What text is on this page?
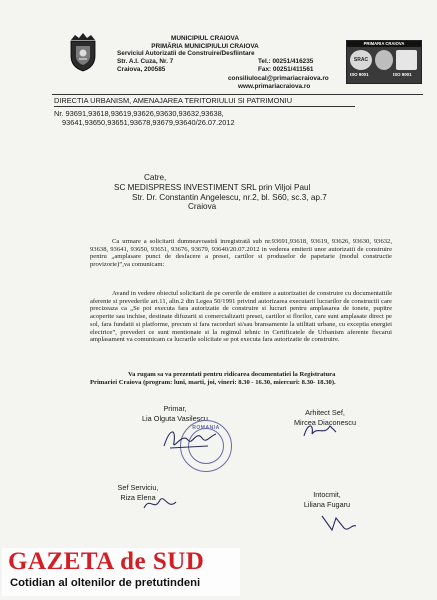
MUNICIPIUL CRAIOVA
PRIMĂRIA MUNICIPIULUI CRAIOVA
Serviciul Autorizatii de Construire/Desfiintare
Str. A.I. Cuza, Nr. 7
Craiova, 200585
Tel.: 00251/416235
Fax: 00251/411561
consiliulocal@primariacraiova.ro
www.primariacraiova.ro
PRIMARIA CRAIOVA
SRAC
ISO 9001	ISO 9001
DIRECTIA URBANISM, AMENAJAREA TERITORIULUI SI PATRIMONIU
Nr. 93691,93618,93619,93626,93630,93632,93638,
93641,93650,93651,93678,93679,93640/26.07.2012
Catre,
SC MEDISPRESS INVESTIMENT SRL prin Viljoi Paul
Str. Dr. Constantin Angelescu, nr.2, bl. S60, sc.3, ap.7
Craiova
Ca urmare a solicitarii dumneavoastră inregistrată sub nr.93691,93618, 93619, 93626, 93630, 93632, 93638, 93641, 93650, 93651, 93676, 93679, 93640/20.07.2012 in vederea emiterii unor autorizatii de construire pentru „amplasare punct de desfacere a presei, cartilor si produselor de papetarie (modul constructie provizorie)”,va comunicam:
Avand in vedere obiectul solicitarii de pe cererile de emitere a autorizatiei de construire cu documentatiile aferente si prevederile art.11, alin.2 din Legea 50/1991 privind autorizarea executarii lucrarilor de constructii care precizeaza ca „Se pot executa fara autorizatie de construire si lucrari pentru amplasarea de tonete, pupitre acoperite sau inchise, destinate difuzarii si comercializarii presei, cartilor si florilor, care sunt amplasate direct pe sol, fara fundatii si platforme, precum si fara racorduri si/sau bransamente la utilitati urbane, cu exceptia energiei electrice”, prevederi ce sunt mentionate si la regimul tehnic in Certificatele de Urbanism aferente fiecarui amplasament va comunicam ca lucrarile solicitate se pot executa fara autorizatie de construire.
Va rugam sa va prezentati pentru ridicarea documentatiei la Registratura
Primariei Craiova (program: luni, marti, joi, vineri: 8.30 - 16.30, miercuri: 8.30- 18.30).
Primar,
Lia Olguta Vasilescu
Arhitect Sef,
Mircea Diaconescu
ROMANIA
Sef Serviciu,
Riza Elena	Intocmit,
Liliana Fugaru
GAZETA de SUD
Cotidian al oltenilor de pretutindeni
